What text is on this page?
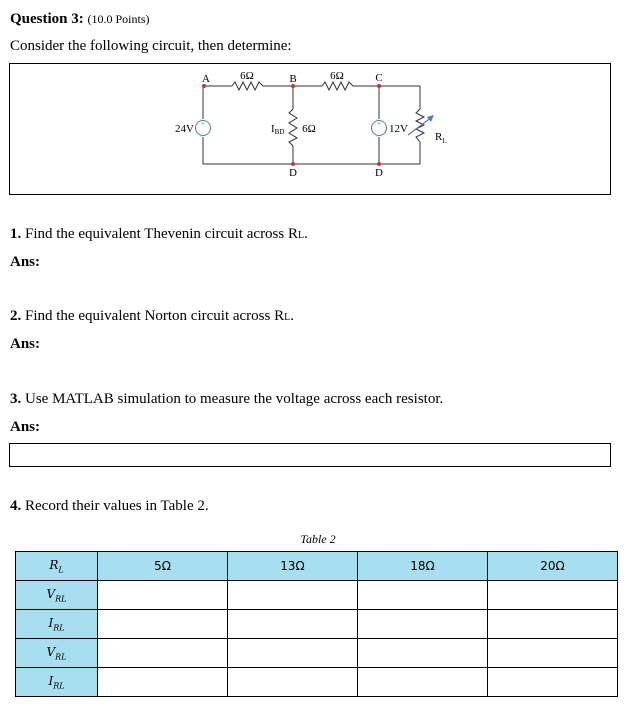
Question 3: (10.0 Points)
Consider the following circuit, then determine:
+	+
A	B	C
D	D
6Ω	6Ω
6Ω
24V	12V
IBD	$R_L$
1. Find the equivalent Thevenin circuit across RL.
Ans:
2. Find the equivalent Norton circuit across RL.
Ans:
3. Use MATLAB simulation to measure the voltage across each resistor.
Ans:
4. Record their values in Table 2.
Table 2
$R_L$	5Ω	13Ω	18Ω	20Ω
$V_{RL}$				
$I_{RL}$				
$V_{RL}$				
$I_{RL}$				
